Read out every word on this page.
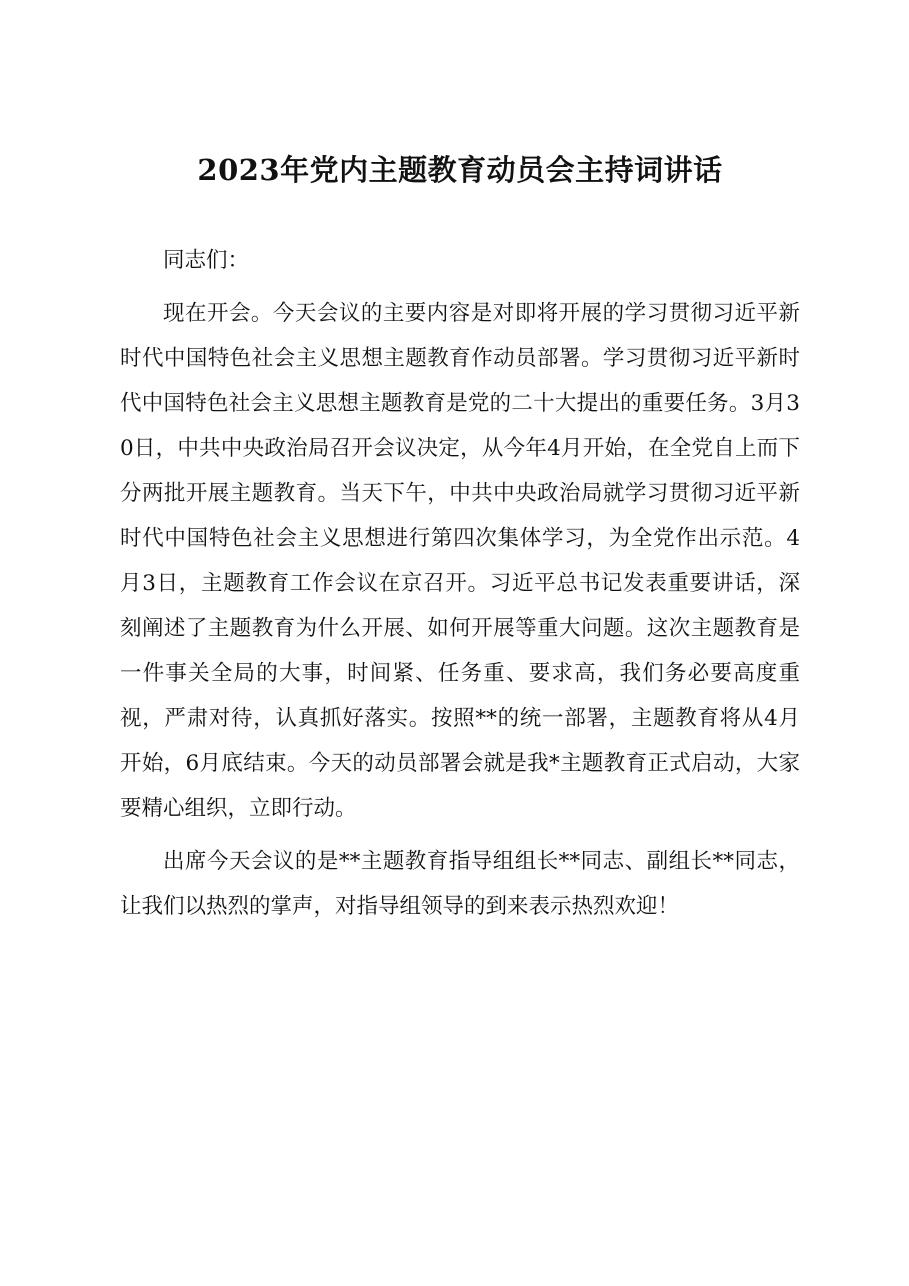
2023年党内主题教育动员会主持词讲话

同志们：

现在开会。今天会议的主要内容是对即将开展的学习贯彻习近平新时代中国特色社会主义思想主题教育作动员部署。学习贯彻习近平新时代中国特色社会主义思想主题教育是党的二十大提出的重要任务。3月30日，中共中央政治局召开会议决定，从今年4月开始，在全党自上而下分两批开展主题教育。当天下午，中共中央政治局就学习贯彻习近平新时代中国特色社会主义思想进行第四次集体学习，为全党作出示范。4月3日，主题教育工作会议在京召开。习近平总书记发表重要讲话，深刻阐述了主题教育为什么开展、如何开展等重大问题。这次主题教育是一件事关全局的大事，时间紧、任务重、要求高，我们务必要高度重视，严肃对待，认真抓好落实。按照**的统一部署，主题教育将从4月开始，6月底结束。今天的动员部署会就是我*主题教育正式启动，大家要精心组织，立即行动。

出席今天会议的是**主题教育指导组组长**同志、副组长**同志，让我们以热烈的掌声，对指导组领导的到来表示热烈欢迎！
